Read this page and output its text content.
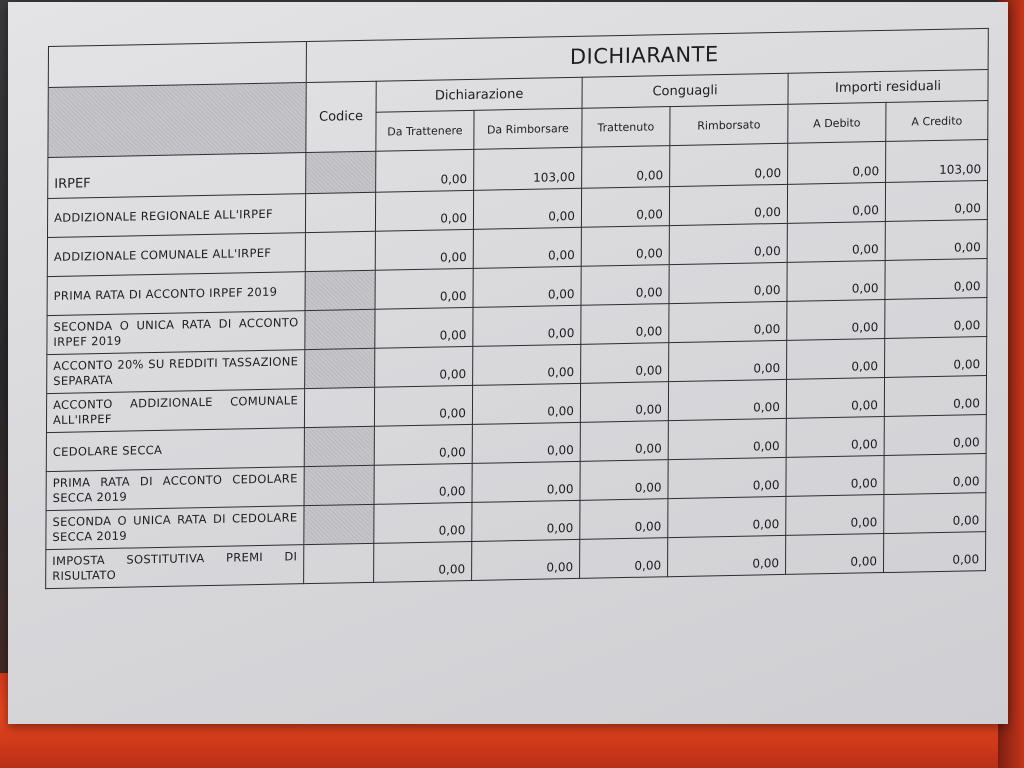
	DICHIARANTE						
	Codice	Dichiarazione		Conguagli		Importi residuali	
		Da Trattenere	Da Rimborsare	Trattenuto	Rimborsato	A Debito	A Credito
IRPEF		0,00	103,00	0,00	0,00	0,00	103,00
ADDIZIONALE REGIONALE ALL'IRPEF		0,00	0,00	0,00	0,00	0,00	0,00
ADDIZIONALE COMUNALE ALL'IRPEF		0,00	0,00	0,00	0,00	0,00	0,00
PRIMA RATA DI ACCONTO IRPEF 2019		0,00	0,00	0,00	0,00	0,00	0,00
SECONDA O UNICA RATA DI ACCONTO IRPEF 2019		0,00	0,00	0,00	0,00	0,00	0,00
ACCONTO 20% SU REDDITI TASSAZIONE SEPARATA		0,00	0,00	0,00	0,00	0,00	0,00
ACCONTO ADDIZIONALE COMUNALE ALL'IRPEF		0,00	0,00	0,00	0,00	0,00	0,00
CEDOLARE SECCA		0,00	0,00	0,00	0,00	0,00	0,00
PRIMA RATA DI ACCONTO CEDOLARE SECCA 2019		0,00	0,00	0,00	0,00	0,00	0,00
SECONDA O UNICA RATA DI CEDOLARE SECCA 2019		0,00	0,00	0,00	0,00	0,00	0,00
IMPOSTA SOSTITUTIVA PREMI DI RISULTATO		0,00	0,00	0,00	0,00	0,00	0,00
